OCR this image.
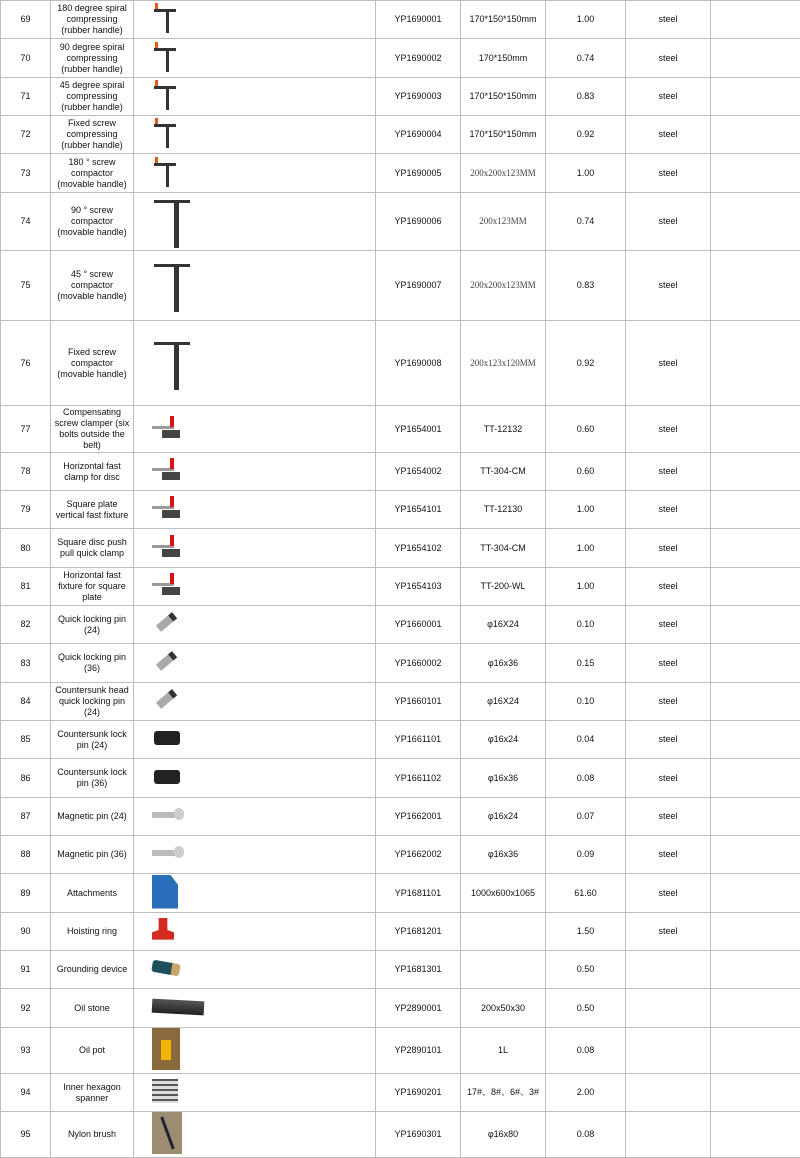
69	180 degree spiral compressing (rubber handle)		YP1690001	170*150*150mm	1.00	steel	
70	90 degree spiral compressing (rubber handle)		YP1690002	170*150mm	0.74	steel	
71	45 degree spiral compressing (rubber handle)		YP1690003	170*150*150mm	0.83	steel	
72	Fixed screw compressing (rubber handle)		YP1690004	170*150*150mm	0.92	steel	
73	180 ° screw compactor (movable handle)		YP1690005	200x200x123MM	1.00	steel	
74	90 ° screw compactor (movable handle)		YP1690006	200x123MM	0.74	steel	
75	45 ° screw compactor (movable handle)		YP1690007	200x200x123MM	0.83	steel	
76	Fixed screw compactor (movable handle)		YP1690008	200x123x120MM	0.92	steel	
77	Compensating screw clamper (six bolts outside the belt)		YP1654001	TT-12132	0.60	steel	
78	Horizontal fast clamp for disc		YP1654002	TT-304-CM	0.60	steel	
79	Square plate vertical fast fixture		YP1654101	TT-12130	1.00	steel	
80	Square disc push pull quick clamp		YP1654102	TT-304-CM	1.00	steel	
81	Horizontal fast fixture for square plate		YP1654103	TT-200-WL	1.00	steel	
82	Quick locking pin (24)		YP1660001	φ16X24	0.10	steel	
83	Quick locking pin (36)		YP1660002	φ16x36	0.15	steel	
84	Countersunk head quick locking pin (24)		YP1660101	φ16X24	0.10	steel	
85	Countersunk lock pin (24)		YP1661101	φ16x24	0.04	steel	
86	Countersunk lock pin (36)		YP1661102	φ16x36	0.08	steel	
87	Magnetic pin (24)		YP1662001	φ16x24	0.07	steel	
88	Magnetic pin (36)		YP1662002	φ16x36	0.09	steel	
89	Attachments		YP1681101	1000x600x1065	61.60	steel	
90	Hoisting ring		YP1681201		1.50	steel	
91	Grounding device		YP1681301		0.50		
92	Oil stone		YP2890001	200x50x30	0.50		
93	Oil pot		YP2890101	1L	0.08		
94	Inner hexagon spanner		YP1690201	17#、8#、6#、3#	2.00		
95	Nylon brush		YP1690301	φ16x80	0.08		
